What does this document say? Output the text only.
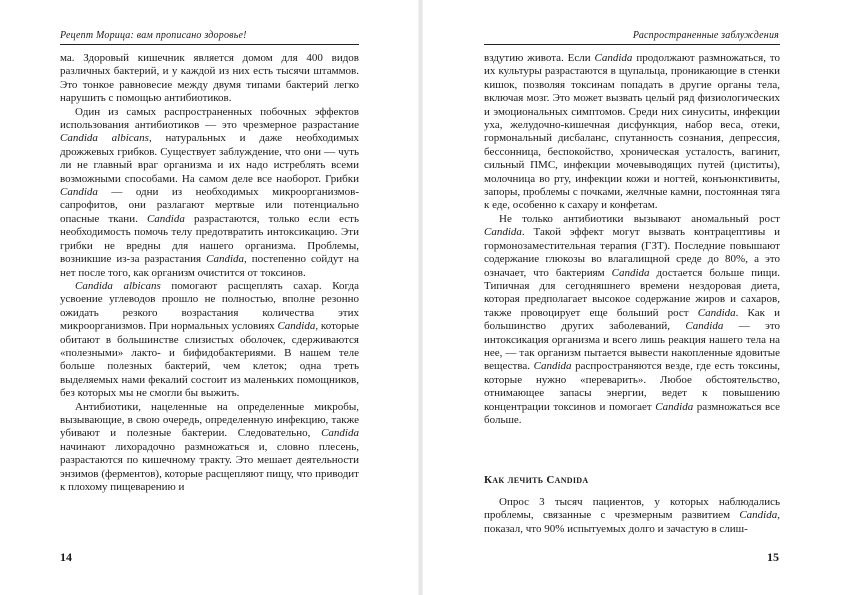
Рецепт Морица: вам прописано здоровье!

ма. Здоровый кишечник является домом для 400 видов различных бактерий, и у каждой из них есть тысячи штаммов. Это тонкое равновесие между двумя типами бактерий легко нарушить с помощью антибиотиков.

Один из самых распространенных побочных эффектов использования антибиотиков — это чрезмерное разрастание Candida albicans, натуральных и даже необходимых дрожжевых грибков. Существует заблуждение, что они — чуть ли не главный враг организма и их надо истреблять всеми возможными способами. На самом деле все наоборот. Грибки Candida — одни из необходимых микроорганизмов-сапрофитов, они разлагают мертвые или потенциально опасные ткани. Candida разрастаются, только если есть необходимость помочь телу предотвратить интоксикацию. Эти грибки не вредны для нашего организма. Проблемы, возникшие из-за разрастания Candida, постепенно сойдут на нет после того, как организм очистится от токсинов.

Candida albicans помогают расщеплять сахар. Когда усвоение углеводов прошло не полностью, вполне резонно ожидать резкого возрастания количества этих микроорганизмов. При нормальных условиях Candida, которые обитают в большинстве слизистых оболочек, сдерживаются «полезными» лакто- и бифидобактериями. В нашем теле больше полезных бактерий, чем клеток; одна треть выделяемых нами фекалий состоит из маленьких помощников, без которых мы не смогли бы выжить.

Антибиотики, нацеленные на определенные микробы, вызывающие, в свою очередь, определенную инфекцию, также убивают и полезные бактерии. Следовательно, Candida начинают лихорадочно размножаться и, словно плесень, разрастаются по кишечному тракту. Это мешает деятельности энзимов (ферментов), которые расщепляют пищу, что приводит к плохому пищеварению и

14
Распространенные заблуждения

вздутию живота. Если Candida продолжают размножаться, то их культуры разрастаются в щупальца, проникающие в стенки кишок, позволяя токсинам попадать в другие органы тела, включая мозг. Это может вызвать целый ряд физиологических и эмоциональных симптомов. Среди них синуситы, инфекции уха, желудочно-кишечная дисфункция, набор веса, отеки, гормональный дисбаланс, спутанность сознания, депрессия, бессонница, беспокойство, хроническая усталость, вагинит, сильный ПМС, инфекции мочевыводящих путей (циститы), молочница во рту, инфекции кожи и ногтей, конъюнктивиты, запоры, проблемы с почками, желчные камни, постоянная тяга к еде, особенно к сахару и конфетам.

Не только антибиотики вызывают аномальный рост Candida. Такой эффект могут вызвать контрацептивы и гормонозаместительная терапия (ГЗТ). Последние повышают содержание глюкозы во влагалищной среде до 80%, а это означает, что бактериям Candida достается больше пищи. Типичная для сегодняшнего времени нездоровая диета, которая предполагает высокое содержание жиров и сахаров, также провоцирует еще больший рост Candida. Как и большинство других заболеваний, Candida — это интоксикация организма и всего лишь реакция нашего тела на нее, — так организм пытается вывести накопленные ядовитые вещества. Candida распространяются везде, где есть токсины, которые нужно «переварить». Любое обстоятельство, отнимающее запасы энергии, ведет к повышению концентрации токсинов и помогает Candida размножаться все больше.

Как лечить Candida

Опрос 3 тысяч пациентов, у которых наблюдались проблемы, связанные с чрезмерным развитием Candida, показал, что 90% испытуемых долго и зачастую в слиш-

15
